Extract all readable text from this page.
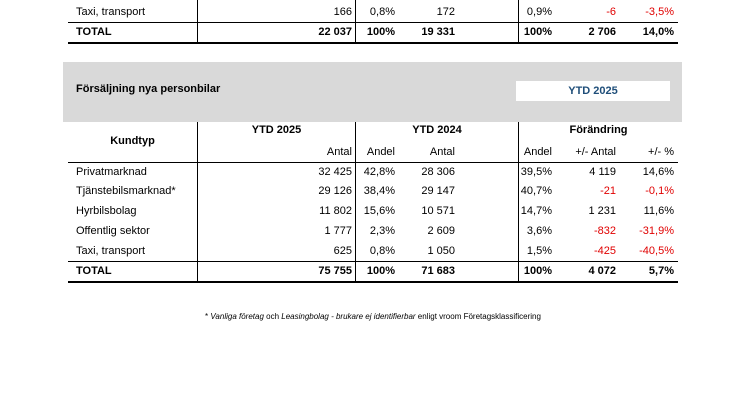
Taxi, transport	166 0,8%	172	0,9%	-6	-3,5%
TOTAL	22 037 100% 19 331	100%	2 706 14,0%
Försäljning nya personbilar	YTD 2025
Kundtyp
YTD 2025	YTD 2024	Förändring
Antal Andel	Antal	Andel +/- Antal	+/- %
Privatmarknad	32 425 42,8% 28 306	39,5%	4 119 14,6%
Tjänstebilsmarknad*	29 126 38,4% 29 147	40,7%	-21	-0,1%
Hyrbilsbolag	11 802 15,6% 10 571	14,7%	1 231	11,6%
Offentlig sektor	1 777 2,3%	2 609	3,6%	-832 -31,9%
Taxi, transport	625 0,8%	1 050	1,5%	-425 -40,5%
TOTAL	75 755 100% 71 683	100%	4 072	5,7%
* Vanliga företag och Leasingbolag - brukare ej identifierbar enligt vroom Företagsklassificering
